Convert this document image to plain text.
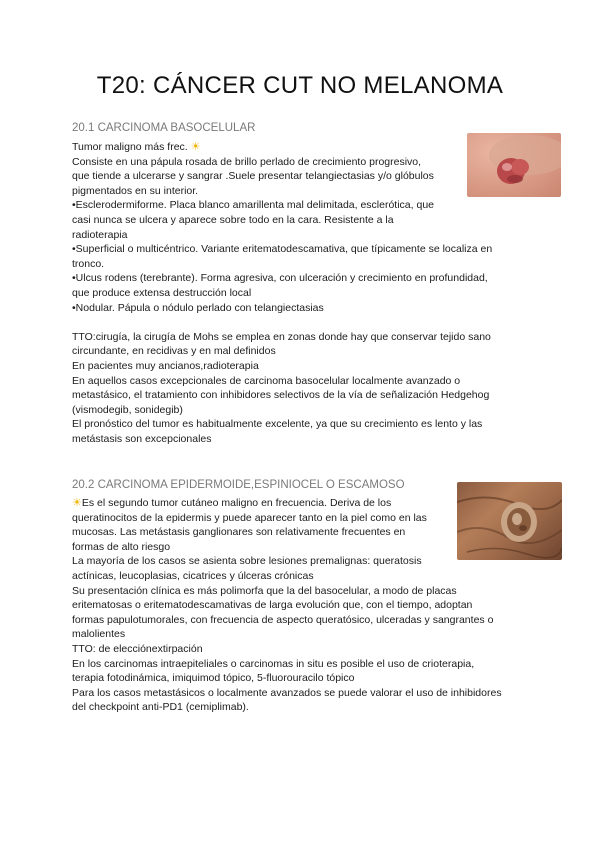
T20: CÁNCER CUT NO MELANOMA
20.1 CARCINOMA BASOCELULAR

Tumor maligno más frec. ☀

Consiste en una pápula rosada de brillo perlado de crecimiento progresivo,

que tiende a ulcerarse y sangrar .Suele presentar telangiectasias y/o glóbulos

pigmentados en su interior.

•Esclerodermiforme. Placa blanco amarillenta mal delimitada, esclerótica, que

casi nunca se ulcera y aparece sobre todo en la cara. Resistente a la

radioterapia

•Superficial o multicéntrico. Variante eritematodescamativa, que típicamente se localiza en

tronco.

•Ulcus rodens (terebrante). Forma agresiva, con ulceración y crecimiento en profundidad,

que produce extensa destrucción local

•Nodular. Pápula o nódulo perlado con telangiectasias

TTO:cirugía, la cirugía de Mohs se emplea en zonas donde hay que conservar tejido sano

circundante, en recidivas y en mal definidos

En pacientes muy ancianos,radioterapia

En aquellos casos excepcionales de carcinoma basocelular localmente avanzado o

metastásico, el tratamiento con inhibidores selectivos de la vía de señalización Hedgehog

(vismodegib, sonidegib)

El pronóstico del tumor es habitualmente excelente, ya que su crecimiento es lento y las

metástasis son excepcionales

20.2 CARCINOMA EPIDERMOIDE,ESPINIOCEL O ESCAMOSO

☀Es el segundo tumor cutáneo maligno en frecuencia. Deriva de los

queratinocitos de la epidermis y puede aparecer tanto en la piel como en las

mucosas. Las metástasis ganglionares son relativamente frecuentes en

formas de alto riesgo

La mayoría de los casos se asienta sobre lesiones premalignas: queratosis

actínicas, leucoplasias, cicatrices y úlceras crónicas

Su presentación clínica es más polimorfa que la del basocelular, a modo de placas

eritematosas o eritematodescamativas de larga evolución que, con el tiempo, adoptan

formas papulotumorales, con frecuencia de aspecto queratósico, ulceradas y sangrantes o

malolientes

TTO: de elecciónextirpación

En los carcinomas intraepiteliales o carcinomas in situ es posible el uso de crioterapia,

terapia fotodinámica, imiquimod tópico, 5-fluorouracilo tópico

Para los casos metastásicos o localmente avanzados se puede valorar el uso de inhibidores

del checkpoint anti-PD1 (cemiplimab).
